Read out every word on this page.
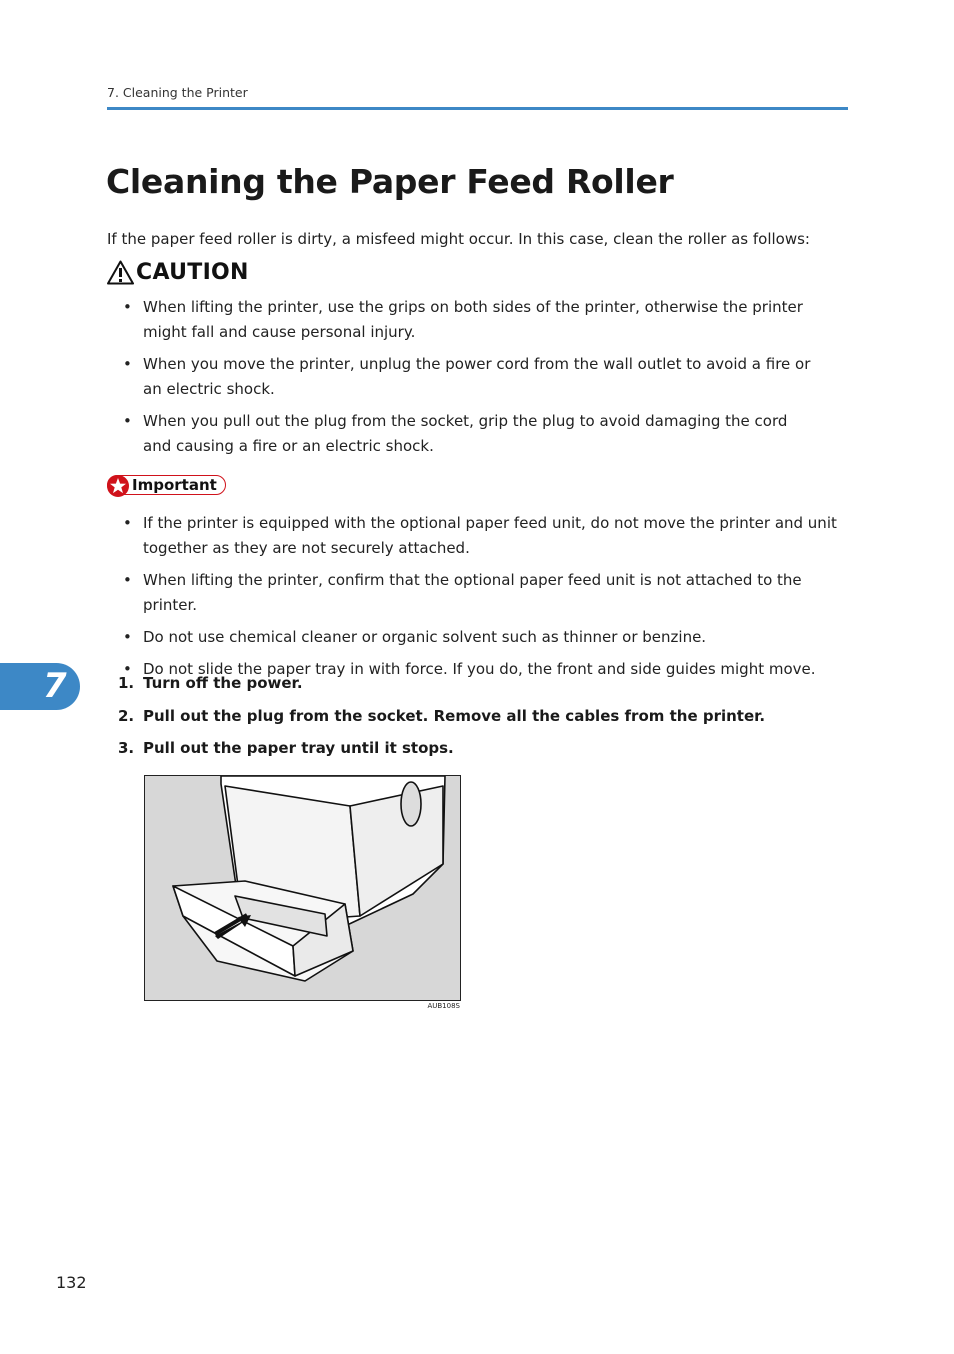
7. Cleaning the Printer
Cleaning the Paper Feed Roller
If the paper feed roller is dirty, a misfeed might occur. In this case, clean the roller as follows:
CAUTION
• When lifting the printer, use the grips on both sides of the printer, otherwise the printer might fall and cause personal injury.
• When you move the printer, unplug the power cord from the wall outlet to avoid a fire or an electric shock.
• When you pull out the plug from the socket, grip the plug to avoid damaging the cord and causing a fire or an electric shock.
Important
• If the printer is equipped with the optional paper feed unit, do not move the printer and unit together as they are not securely attached.
• When lifting the printer, confirm that the optional paper feed unit is not attached to the printer.
• Do not use chemical cleaner or organic solvent such as thinner or benzine.
• Do not slide the paper tray in with force. If you do, the front and side guides might move.
7	1. Turn off the power.
2. Pull out the plug from the socket. Remove all the cables from the printer.
3. Pull out the paper tray until it stops.
AUB108S
132
